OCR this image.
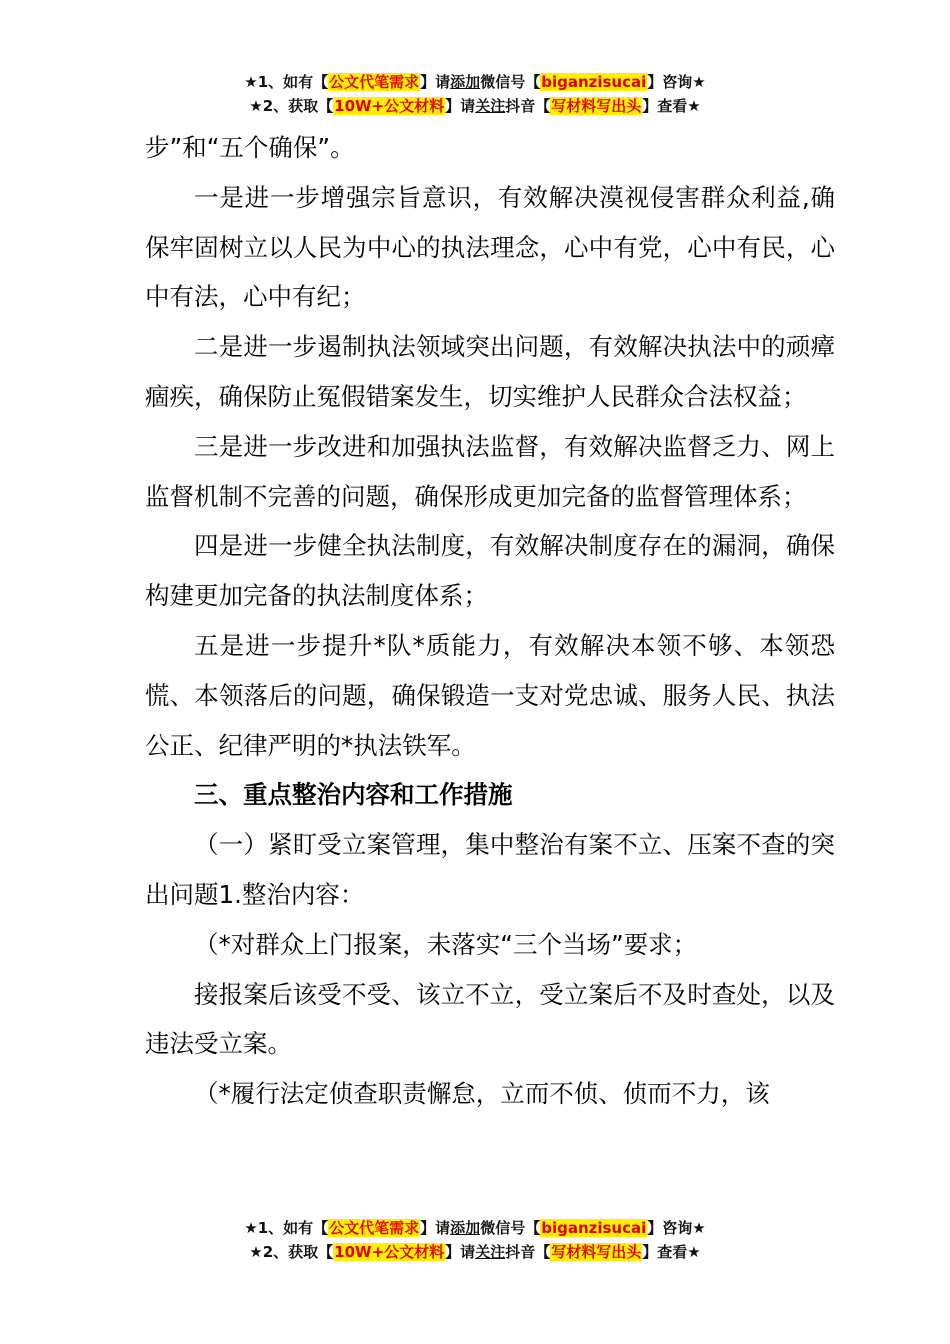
★1、如有【公文代笔需求】请添加微信号【biganzisucai】咨询★
★2、获取【10W+公文材料】请关注抖音【写材料写出头】查看★

步”和“五个确保”。

一是进一步增强宗旨意识，有效解决漠视侵害群众利益,确保牢固树立以人民为中心的执法理念，心中有党，心中有民，心中有法，心中有纪；

二是进一步遏制执法领域突出问题，有效解决执法中的顽瘴痼疾，确保防止冤假错案发生，切实维护人民群众合法权益；

三是进一步改进和加强执法监督，有效解决监督乏力、网上监督机制不完善的问题，确保形成更加完备的监督管理体系；

四是进一步健全执法制度，有效解决制度存在的漏洞，确保构建更加完备的执法制度体系；

五是进一步提升*队*质能力，有效解决本领不够、本领恐慌、本领落后的问题，确保锻造一支对党忠诚、服务人民、执法公正、纪律严明的*执法铁军。

三、重点整治内容和工作措施

（一）紧盯受立案管理，集中整治有案不立、压案不查的突出问题1.整治内容：

（*对群众上门报案，未落实“三个当场”要求；

接报案后该受不受、该立不立，受立案后不及时查处，以及违法受立案。

（*履行法定侦查职责懈怠，立而不侦、侦而不力，该

★1、如有【公文代笔需求】请添加微信号【biganzisucai】咨询★
★2、获取【10W+公文材料】请关注抖音【写材料写出头】查看★
